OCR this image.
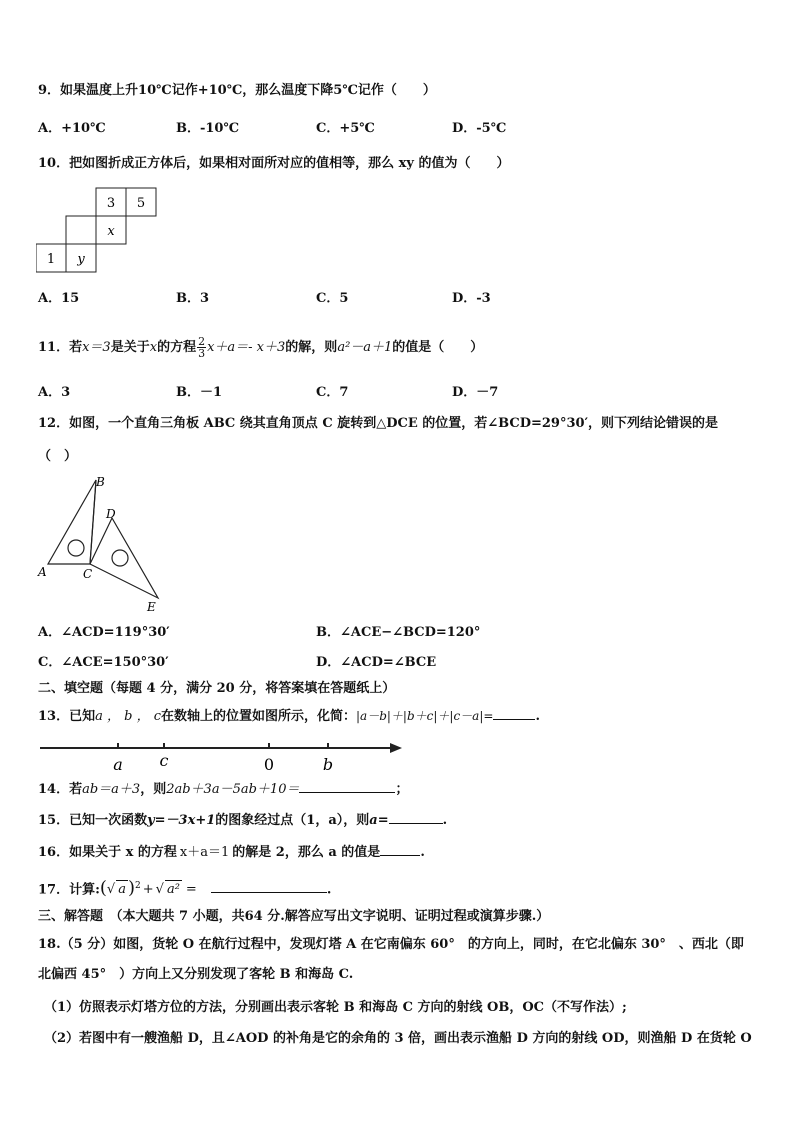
9．如果温度上升10℃记作+10℃，那么温度下降5℃记作（　　）
A．+10℃	B．-10℃	C．+5℃	D．-5℃
10．把如图折成正方体后，如果相对面所对应的值相等，那么 xy 的值为（　　）
3 5
x
1 y
A．15	B．3	C．5	D．-3
11．若x＝3是关于x的方程 $\frac{2}{3} x+a=-$ x＋3的解，则a²－a＋1的值是（　　）
A．3	B．－1	C．7	D．－7
12．如图，一个直角三角板 ABC 绕其直角顶点 C 旋转到△DCE 的位置，若∠BCD=29°30′，则下列结论错误的是
（　）
A
B
C
D
E
A．∠ACD=119°30′	B．∠ACE−∠BCD=120°
C．∠ACE=150°30′	D．∠ACD=∠BCE
二、填空题（每题 4 分，满分 20 分，将答案填在答题纸上）
13．已知a ， b ， c在数轴上的位置如图所示，化简：|a－b|＋|b＋c|＋|c－a|=	.
a c	0	b
14．若ab＝a＋3，则2ab＋3a－5ab＋10＝	；
15．已知一次函数y=－3x+1的图象经过点（1，a），则a=	.
16．如果关于 x 的方程 x＋a＝1 的解是 2，那么 a 的值是	.
17．计算:(√ a )$^2$ + √ a² =	.
三、解答题　（本大题共 7 小题，共64 分.解答应写出文字说明、证明过程或演算步骤.）
18.（5 分）如图，货轮 O 在航行过程中，发现灯塔 A 在它南偏东 60°　的方向上，同时，在它北偏东 30°　、西北（即
北偏西 45°　）方向上又分别发现了客轮 B 和海岛 C.
（1）仿照表示灯塔方位的方法，分别画出表示客轮 B 和海岛 C 方向的射线 OB，OC（不写作法）;
（2）若图中有一艘渔船 D，且∠AOD 的补角是它的余角的 3 倍，画出表示渔船 D 方向的射线 OD，则渔船 D 在货轮 O
